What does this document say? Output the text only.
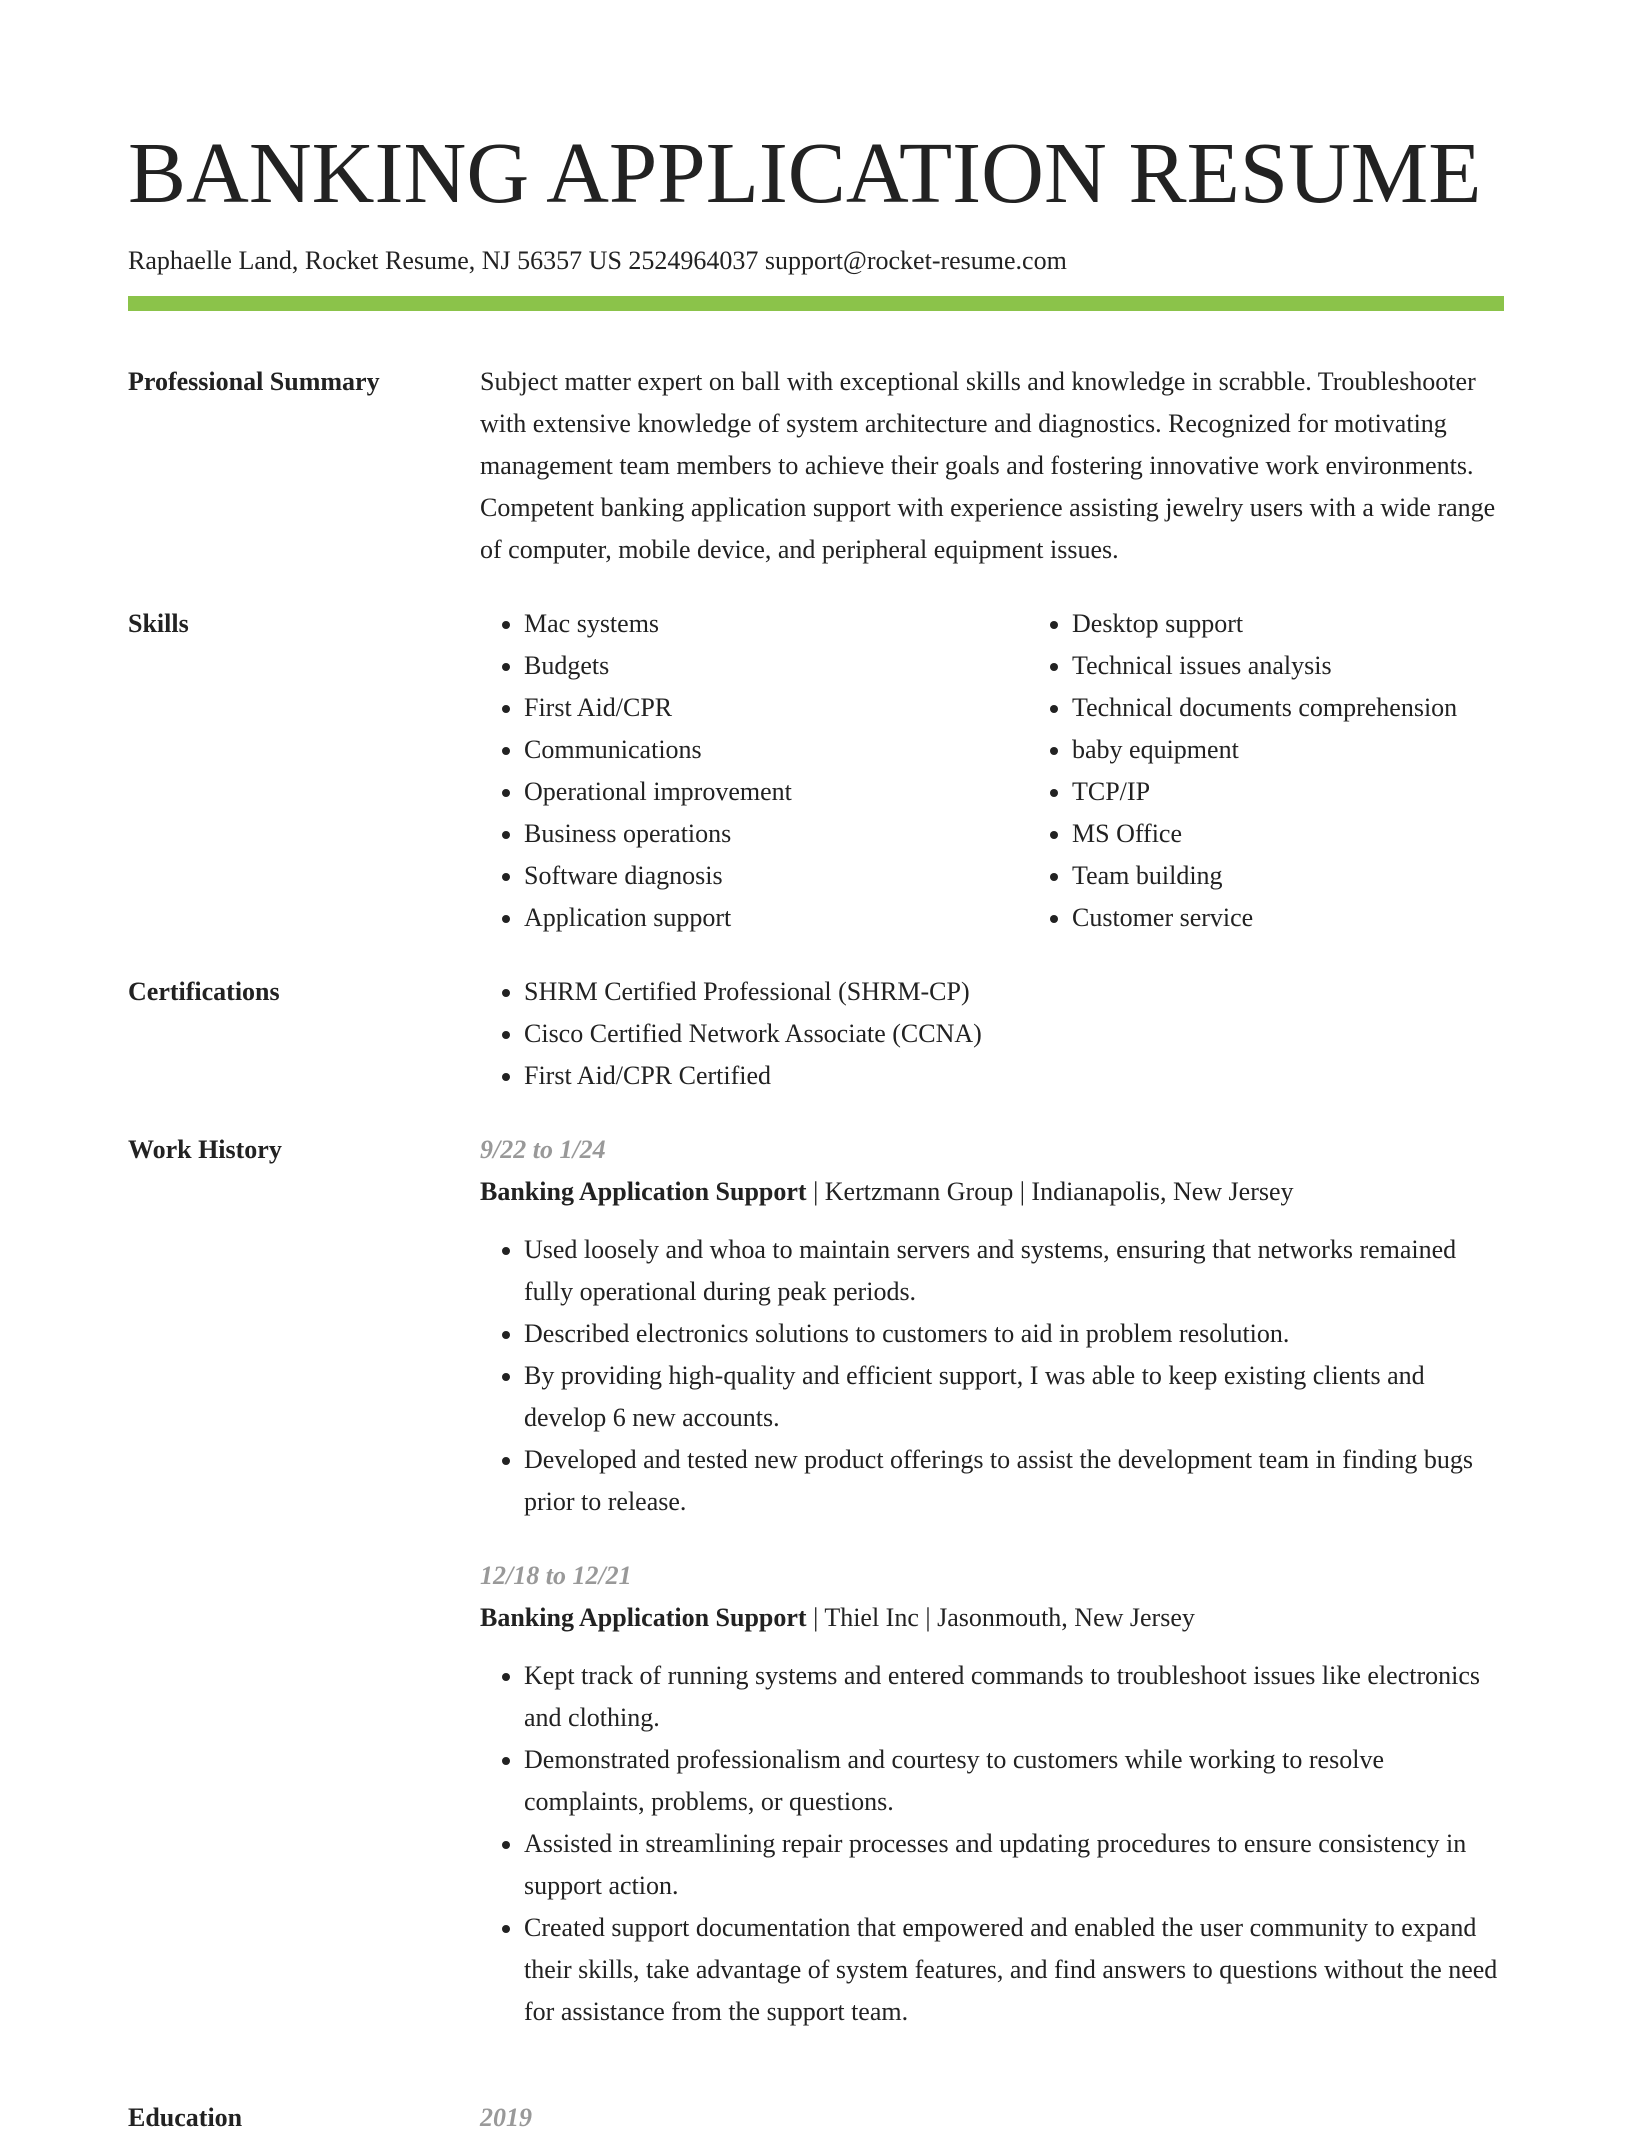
BANKING APPLICATION RESUME
Raphaelle Land, Rocket Resume, NJ 56357 US 2524964037 support@rocket-resume.com
Professional Summary	Subject matter expert on ball with exceptional skills and knowledge in scrabble. Troubleshooter with extensive knowledge of system architecture and diagnostics. Recognized for motivating management team members to achieve their goals and fostering innovative work environments. Competent banking application support with experience assisting jewelry users with a wide range of computer, mobile device, and peripheral equipment issues.
Skills	• Mac systems
• Budgets
• First Aid/CPR
• Communications
• Operational improvement
• Business operations
• Software diagnosis
• Application support
• Desktop support
• Technical issues analysis
• Technical documents comprehension
• baby equipment
• TCP/IP
• MS Office
• Team building
• Customer service
Certifications	• SHRM Certified Professional (SHRM-CP)
• Cisco Certified Network Associate (CCNA)
• First Aid/CPR Certified
Work History	9/22 to 1/24
Banking Application Support | Kertzmann Group | Indianapolis, New Jersey
• Used loosely and whoa to maintain servers and systems, ensuring that networks remained fully operational during peak periods.
• Described electronics solutions to customers to aid in problem resolution.
• By providing high-quality and efficient support, I was able to keep existing clients and develop 6 new accounts.
• Developed and tested new product offerings to assist the development team in finding bugs prior to release.
12/18 to 12/21
Banking Application Support | Thiel Inc | Jasonmouth, New Jersey
• Kept track of running systems and entered commands to troubleshoot issues like electronics and clothing.
• Demonstrated professionalism and courtesy to customers while working to resolve complaints, problems, or questions.
• Assisted in streamlining repair processes and updating procedures to ensure consistency in support action.
• Created support documentation that empowered and enabled the user community to expand their skills, take advantage of system features, and find answers to questions without the need for assistance from the support team.
Education	2019
